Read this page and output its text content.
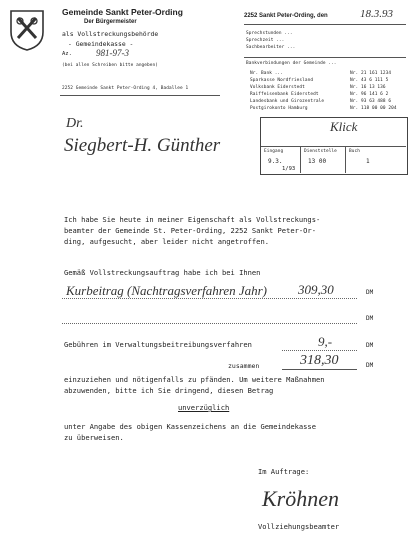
Gemeinde Sankt Peter-Ording
Der Bürgermeister
als Vollstreckungsbehörde
- Gemeindekasse -
Az.	981-97-3
(bei allen Schreiben bitte angeben)
2252 Gemeinde Sankt Peter-Ording 4, Badallee 1
2252 Sankt Peter-Ording, den	18.3.93
Sprechstunden ...
Sprechzeit ...
Sachbearbeiter ...
Bankverbindungen der Gemeinde ...
Nr. Bank ...	Nr. 21 161 1234
Sparkasse Nordfriesland	Nr. 43 6 111 5
Volksbank Eiderstedt	Nr. 16 13 136
Raiffeisenbank Eiderstedt	Nr. 96 141 6 2
Landesbank und Girozentrale	Nr. 93 63 488 6
Postgirokonto Hamburg	Nr. 118 00 00 204
Dr.
Siegbert-H. Günther
Klick
Eingang	Dienststelle	Buch
9.3.	13 00	1
1/93
Ich habe Sie heute in meiner Eigenschaft als Vollstreckungs-
beamter der Gemeinde St. Peter-Ording, 2252 Sankt Peter-Or-
ding, aufgesucht, aber leider nicht angetroffen.
Gemäß Vollstreckungsauftrag habe ich bei Ihnen
Kurbeitrag (Nachtragsverfahren Jahr) 309,30	DM
DM
Gebühren im Verwaltungsbeitreibungsverfahren	9,-	DM
zusammen	318,30	DM
einzuziehen und nötigenfalls zu pfänden. Um weitere Maßnahmen
abzuwenden, bitte ich Sie dringend, diesen Betrag
unverzüglich
unter Angabe des obigen Kassenzeichens an die Gemeindekasse
zu überweisen.
Im Auftrage:
Kröhnen
Vollziehungsbeamter
